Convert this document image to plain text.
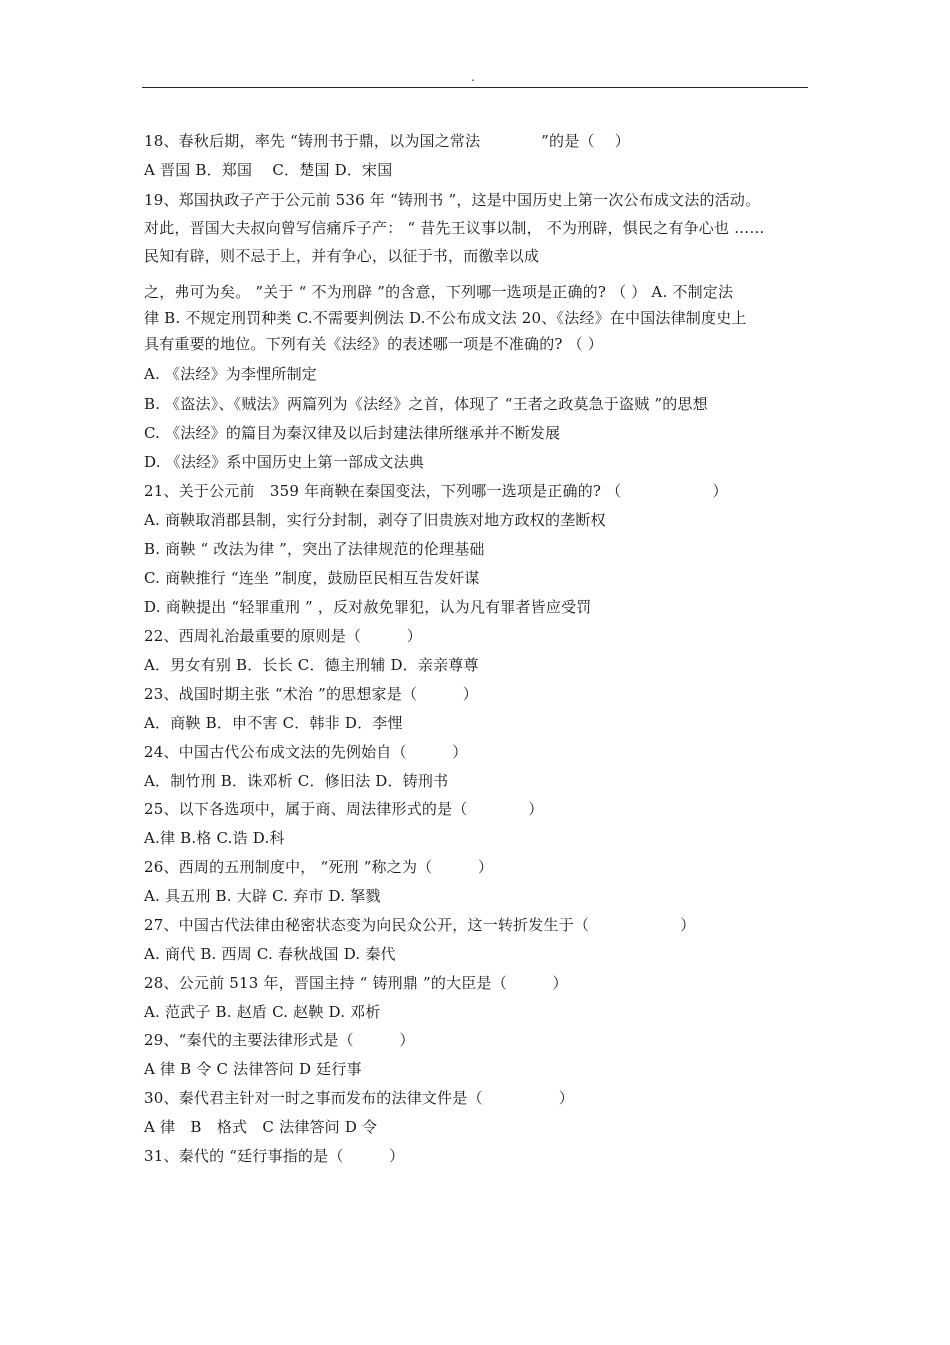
.
18、春秋后期，率先 “铸刑书于鼎，以为国之常法　　　　”的是（　 ）
A 晋国 B．郑国　 C．楚国 D．宋国
19、郑国执政子产于公元前 536 年 “铸刑书 ”，这是中国历史上第一次公布成文法的活动。
对此，晋国大夫叔向曾写信痛斥子产： “ 昔先王议事以制， 不为刑辟，惧民之有争心也 ……
民知有辟，则不忌于上，并有争心，以征于书，而徼幸以成
之，弗可为矣。 ”关于 “ 不为刑辟 ”的含意，下列哪一选项是正确的? （ ） A. 不制定法
律 B. 不规定刑罚种类 C.不需要判例法 D.不公布成文法 20、《法经》在中国法律制度史上
具有重要的地位。下列有关《法经》的表述哪一项是不准确的? （ ）
A. 《法经》为李悝所制定
B. 《盗法》、《贼法》两篇列为《法经》之首，体现了 “王者之政莫急于盗贼 ”的思想
C. 《法经》的篇目为秦汉律及以后封建法律所继承并不断发展
D. 《法经》系中国历史上第一部成文法典
21、关于公元前　359 年商鞅在秦国变法，下列哪一选项是正确的? （　　　　　　）
A. 商鞅取消郡县制，实行分封制，剥夺了旧贵族对地方政权的垄断权
B. 商鞅 “ 改法为律 ”，突出了法律规范的伦理基础
C. 商鞅推行 “连坐 ”制度，鼓励臣民相互告发奸谋
D. 商鞅提出 “轻罪重刑 ” ，反对赦免罪犯，认为凡有罪者皆应受罚
22、西周礼治最重要的原则是（　　　）
A．男女有别 B．长长 C．德主刑辅 D．亲亲尊尊
23、战国时期主张 “术治 ”的思想家是（　　　）
A．商鞅 B．申不害 C．韩非 D．李悝
24、中国古代公布成文法的先例始自（　　　）
A．制竹刑 B．诛邓析 C．修旧法 D．铸刑书
25、以下各选项中，属于商、周法律形式的是（　　　　）
A.律 B.格 C.诰 D.科
26、西周的五刑制度中， “死刑 ”称之为（　　　）
A. 具五刑 B. 大辟 C. 弃市 D. 拏戮
27、中国古代法律由秘密状态变为向民众公开，这一转折发生于（　　　　　　）
A. 商代 B. 西周 C. 春秋战国 D. 秦代
28、公元前 513 年，晋国主持 “ 铸刑鼎 ”的大臣是（　　　）
A. 范武子 B. 赵盾 C. 赵鞅 D. 邓析
29、“秦代的主要法律形式是（　　　）
A 律 B 令 C 法律答问 D 廷行事
30、秦代君主针对一时之事而发布的法律文件是（　　　　　）
A 律　B　格式　C 法律答问 D 令
31、秦代的 “廷行事指的是（　　　）
